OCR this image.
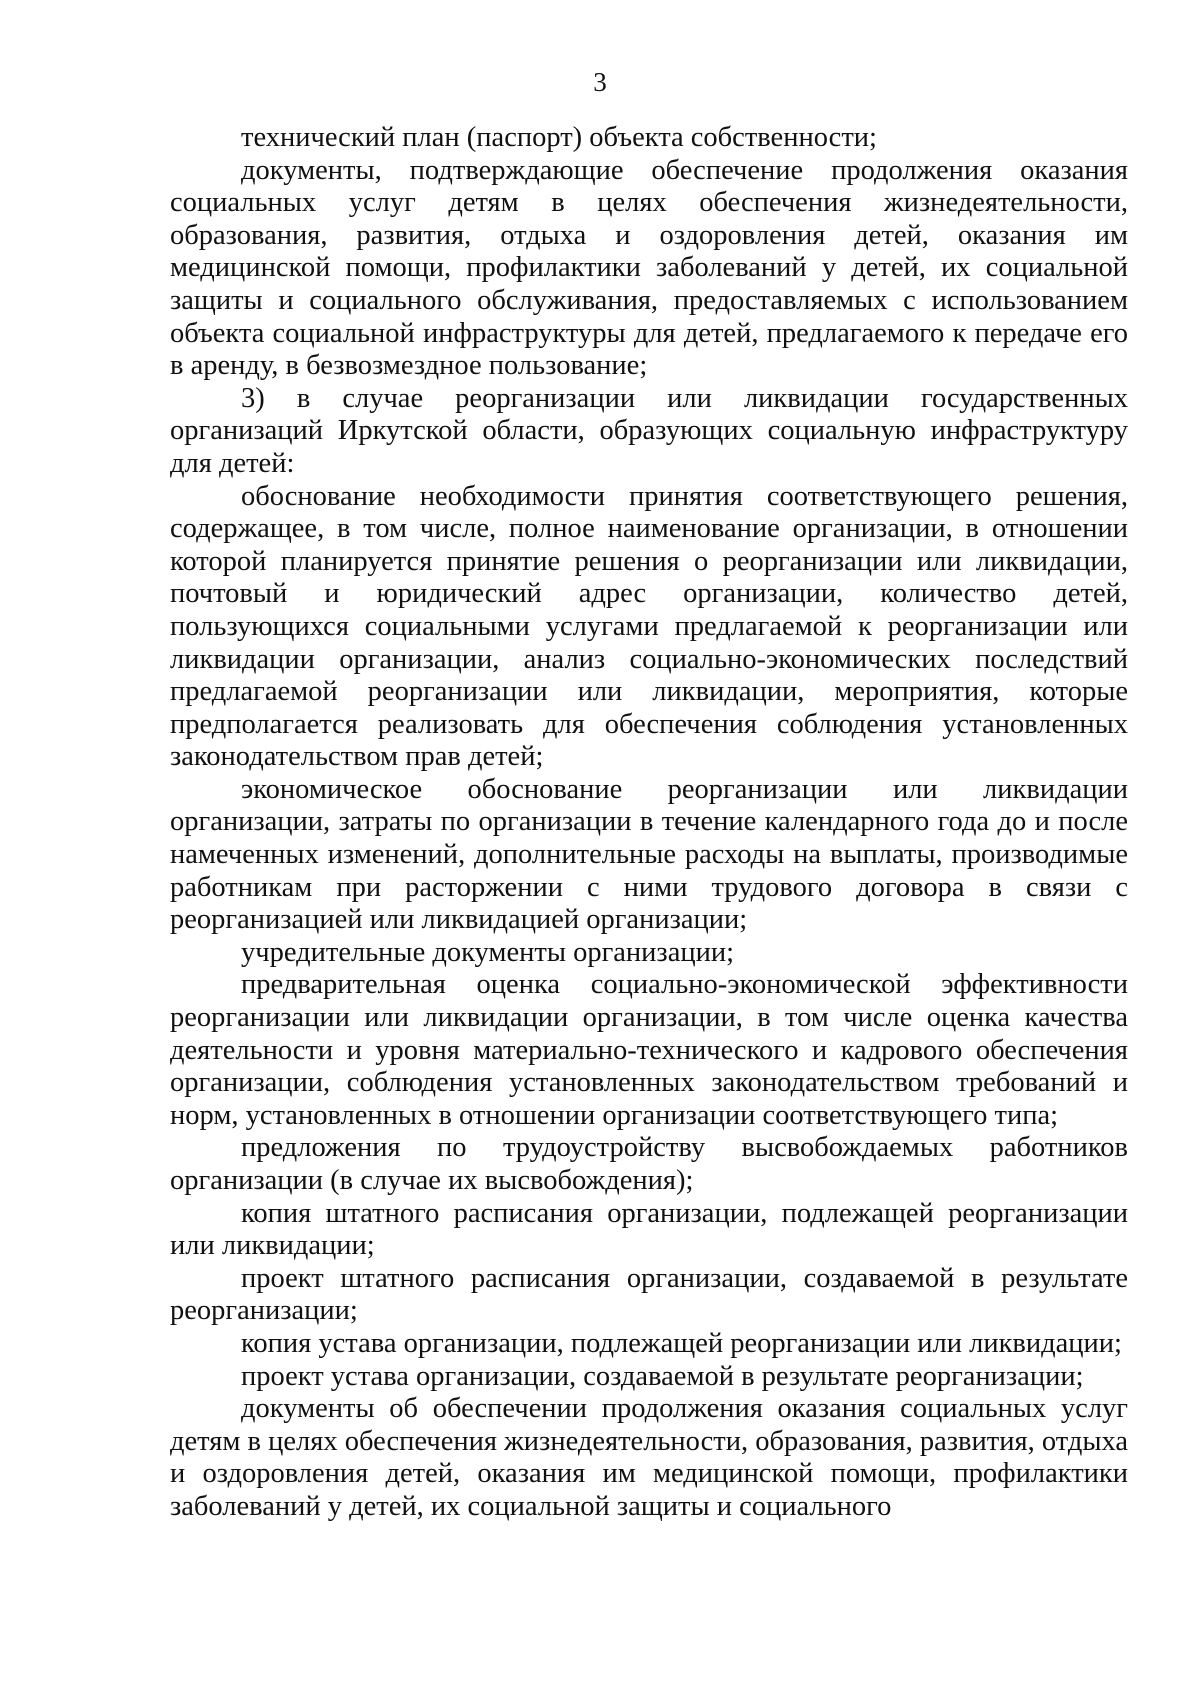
3

технический план (паспорт) объекта собственности;

документы, подтверждающие обеспечение продолжения оказания социальных услуг детям в целях обеспечения жизнедеятельности, образования, развития, отдыха и оздоровления детей, оказания им медицинской помощи, профилактики заболеваний у детей, их социальной защиты и социального обслуживания, предоставляемых с использованием объекта социальной инфраструктуры для детей, предлагаемого к передаче его в аренду, в безвозмездное пользование;

3) в случае реорганизации или ликвидации государственных организаций Иркутской области, образующих социальную инфраструктуру для детей:

обоснование необходимости принятия соответствующего решения, содержащее, в том числе, полное наименование организации, в отношении которой планируется принятие решения о реорганизации или ликвидации, почтовый и юридический адрес организации, количество детей, пользующихся социальными услугами предлагаемой к реорганизации или ликвидации организации, анализ социально-экономических последствий предлагаемой реорганизации или ликвидации, мероприятия, которые предполагается реализовать для обеспечения соблюдения установленных законодательством прав детей;

экономическое обоснование реорганизации или ликвидации организации, затраты по организации в течение календарного года до и после намеченных изменений, дополнительные расходы на выплаты, производимые работникам при расторжении с ними трудового договора в связи с реорганизацией или ликвидацией организации;

учредительные документы организации;

предварительная оценка социально-экономической эффективности реорганизации или ликвидации организации, в том числе оценка качества деятельности и уровня материально-технического и кадрового обеспечения организации, соблюдения установленных законодательством требований и норм, установленных в отношении организации соответствующего типа;

предложения по трудоустройству высвобождаемых работников организации (в случае их высвобождения);

копия штатного расписания организации, подлежащей реорганизации или ликвидации;

проект штатного расписания организации, создаваемой в результате реорганизации;

копия устава организации, подлежащей реорганизации или ликвидации;

проект устава организации, создаваемой в результате реорганизации;

документы об обеспечении продолжения оказания социальных услуг детям в целях обеспечения жизнедеятельности, образования, развития, отдыха и оздоровления детей, оказания им медицинской помощи, профилактики заболеваний у детей, их социальной защиты и социального
